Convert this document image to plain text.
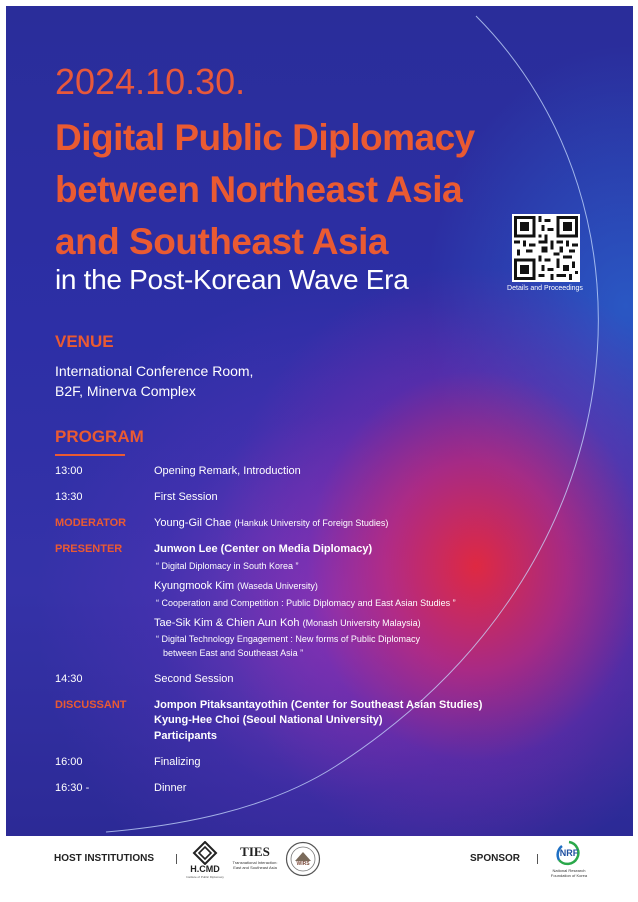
2024.10.30.
Digital Public Diplomacy
between Northeast Asia
and Southeast Asia
in the Post-Korean Wave Era	Details and Proceedings
VENUE
International Conference Room,
B2F, Minerva Complex
PROGRAM
13:00	Opening Remark, Introduction
13:30	First Session
MODERATOR	Young-Gil Chae (Hankuk University of Foreign Studies)
PRESENTER	Junwon Lee (Center on Media Diplomacy)
“ Digital Diplomacy in South Korea ”
Kyungmook Kim (Waseda University)
“ Cooperation and Competition : Public Diplomacy and East Asian Studies ”
Tae-Sik Kim & Chien Aun Koh (Monash University Malaysia)
“ Digital Technology Engagement : New forms of Public Diplomacy
between East and Southeast Asia ”
14:30	Second Session
DISCUSSANT Jompon Pitaksantayothin (Center for Southeast Asian Studies)
Kyung-Hee Choi (Seoul National University)
Participants
16:00	Finalizing
16:30 -	Dinner
HOST INSTITUTIONS
H.CMD
Institute of Public Diplomacy
TIES
Transnational Interaction:
East and Southeast Asia
WIRS	SPONSOR	NRF
National Research
Foundation of Korea
